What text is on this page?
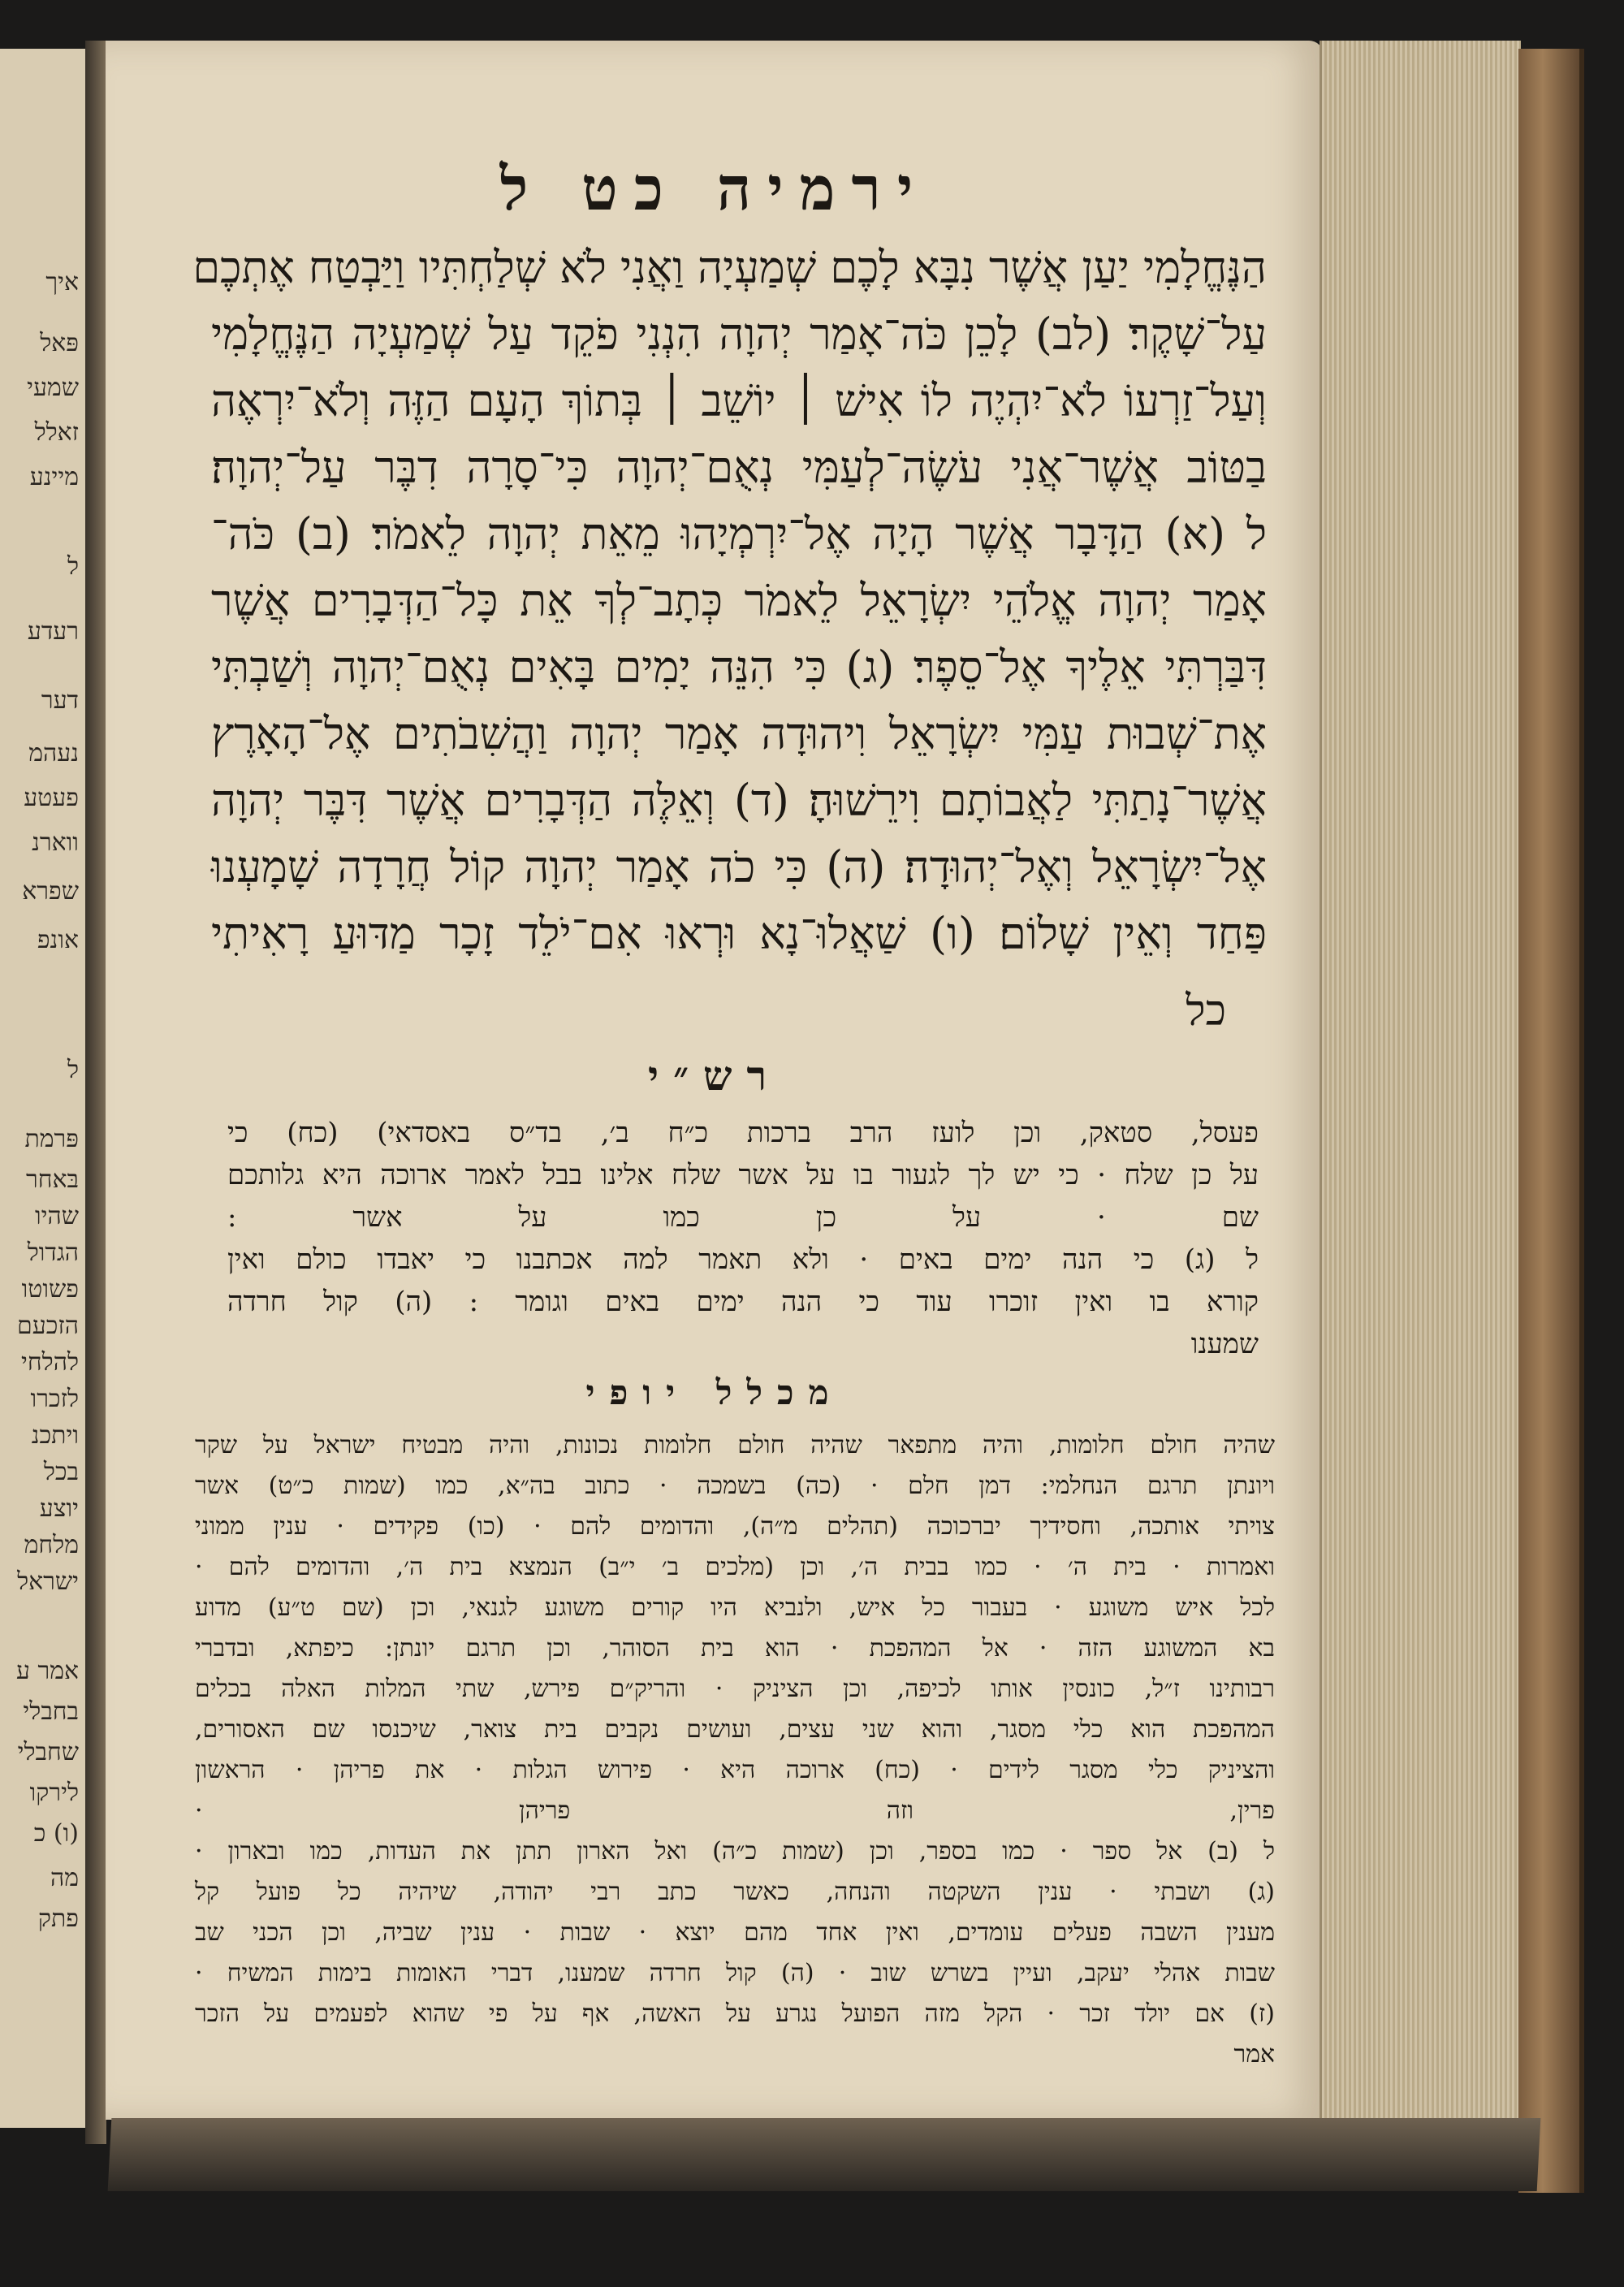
איך
פּאל
שמעי
זאלל
מיינע
ל
רעדע
דער
נעהמ
פעטע
ווארנ
שפרא
אונפ
ל
פּרמת
בּאחר
שהיו
הגדול
פשוטו
הזכעם
להלחי
לזכרו
ויתכנ
בכל
יוצע
מלחמ
ישראל
אמר ע
בחבלי
שחבלי
לירקו
(ו) כ
מה
פתק
ירמיה כט ל
הַנֶּחֱלָמִי יַעַן אֲשֶׁר נִבָּא לָכֶם שְׁמַעְיָה וַאֲנִי לֹא שְׁלַחְתִּיו וַיַּבְטַח אֶתְכֶם
עַל־שָׁקֶר׃ (לב) לָכֵן כֹּה־אָמַר יְהוָה הִנְנִי פֹקֵד עַל שְׁמַעְיָה הַנֶּחֱלָמִי
וְעַל־זַרְעוֹ לֹא־יִהְיֶה לוֹ אִישׁ ׀ יוֹשֵׁב ׀ בְּתוֹךְ הָעָם הַזֶּה וְלֹא־יִרְאֶה
בַטּוֹב אֲשֶׁר־אֲנִי עֹשֶׂה־לְעַמִּי נְאֻם־יְהוָה כִּי־סָרָה דִבֶּר עַל־יְהוָה׃
ל (א) הַדָּבָר אֲשֶׁר הָיָה אֶל־יִרְמְיָהוּ מֵאֵת יְהוָה לֵאמֹר׃ (ב) כֹּה־
אָמַר יְהוָה אֱלֹהֵי יִשְׂרָאֵל לֵאמֹר כְּתָב־לְךָ אֵת כָּל־הַדְּבָרִים אֲשֶׁר
דִּבַּרְתִּי אֵלֶיךָ אֶל־סֵפֶר׃ (ג) כִּי הִנֵּה יָמִים בָּאִים נְאֻם־יְהוָה וְשַׁבְתִּי
אֶת־שְׁבוּת עַמִּי יִשְׂרָאֵל וִיהוּדָה אָמַר יְהוָה וַהֲשִׁבֹתִים אֶל־הָאָרֶץ
אֲשֶׁר־נָתַתִּי לַאֲבוֹתָם וִירֵשׁוּהָ׃ (ד) וְאֵלֶּה הַדְּבָרִים אֲשֶׁר דִּבֶּר יְהוָה
אֶל־יִשְׂרָאֵל וְאֶל־יְהוּדָה׃ (ה) כִּי כֹה אָמַר יְהוָה קוֹל חֲרָדָה שָׁמָעְנוּ
פַּחַד וְאֵין שָׁלוֹם׃ (ו) שַׁאֲלוּ־נָא וּרְאוּ אִם־יֹלֵד זָכָר מַדּוּעַ רָאִיתִי
כל
רש״י
פעסל, סטאק, וכן לועז הרב ברכות כ״ח ב׳, בד״ס באסדאי) (כח) כי
על כן שלח · כי יש לך לגעור בו על אשר שלח אלינו בבל לאמר ארוכה היא גלותכם
שם · על כן כמו על אשר :
ל (ג) כי הנה ימים באים · ולא תאמר למה אכתבנו כי יאבדו כולם ואין
קורא בו ואין זוכרו עוד כי הנה ימים באים וגומר : (ה) קול חרדה
שמענו
מכלל יופי
שהיה חולם חלומות, והיה מתפאר שהיה חולם חלומות נכונות, והיה מבטיח ישראל על שקר
ויונתן תרגם הנחלמי: דמן חלם · (כה) בשמכה · כתוב בה״א, כמו (שמות כ״ט) אשר
צויתי אותכה, וחסידיך יברכוכה (תהלים מ״ה), והדומים להם · (כו) פקידים · ענין ממוני
ואמרות · בית ה׳ · כמו בבית ה׳, וכן (מלכים ב׳ י״ב) הנמצא בית ה׳, והדומים להם ·
לכל איש משוגע · בעבור כל איש, ולנביא היו קורים משוגע לגנאי, וכן (שם ט״ע) מדוע
בא המשוגע הזה · אל המהפכת · הוא בית הסוהר, וכן תרגם יונתן: כיפתא, ובדברי
רבותינו ז״ל, כונסין אותו לכיפה, וכן הציניק · והריק״ם פירש, שתי המלות האלה בכלים
המהפכת הוא כלי מסגר, והוא שני עצים, ועושים נקבים בית צואר, שיכנסו שם האסורים,
והציניק כלי מסגר לידים · (כח) ארוכה היא · פירוש הגלות · את פריהן · הראשון
פרין, וזה פריהן ·
ל (ב) אל ספר · כמו בספר, וכן (שמות כ״ה) ואל הארון תתן את העדות, כמו ובארון ·
(ג) ושבתי · ענין השקטה והנחה, כאשר כתב רבי יהודה, שיהיה כל פועל קל
מענין השבה פעלים עומדים, ואין אחד מהם יוצא · שבות · ענין שביה, וכן הכני שב
שבות אהלי יעקב, ועיין בשרש שוב · (ה) קול חרדה שמענו, דברי האומות בימות המשיח ·
(ז) אם יולד זכר · הקל מזה הפועל נגרע על האשה, אף על פי שהוא לפעמים על הזכר
אמר
